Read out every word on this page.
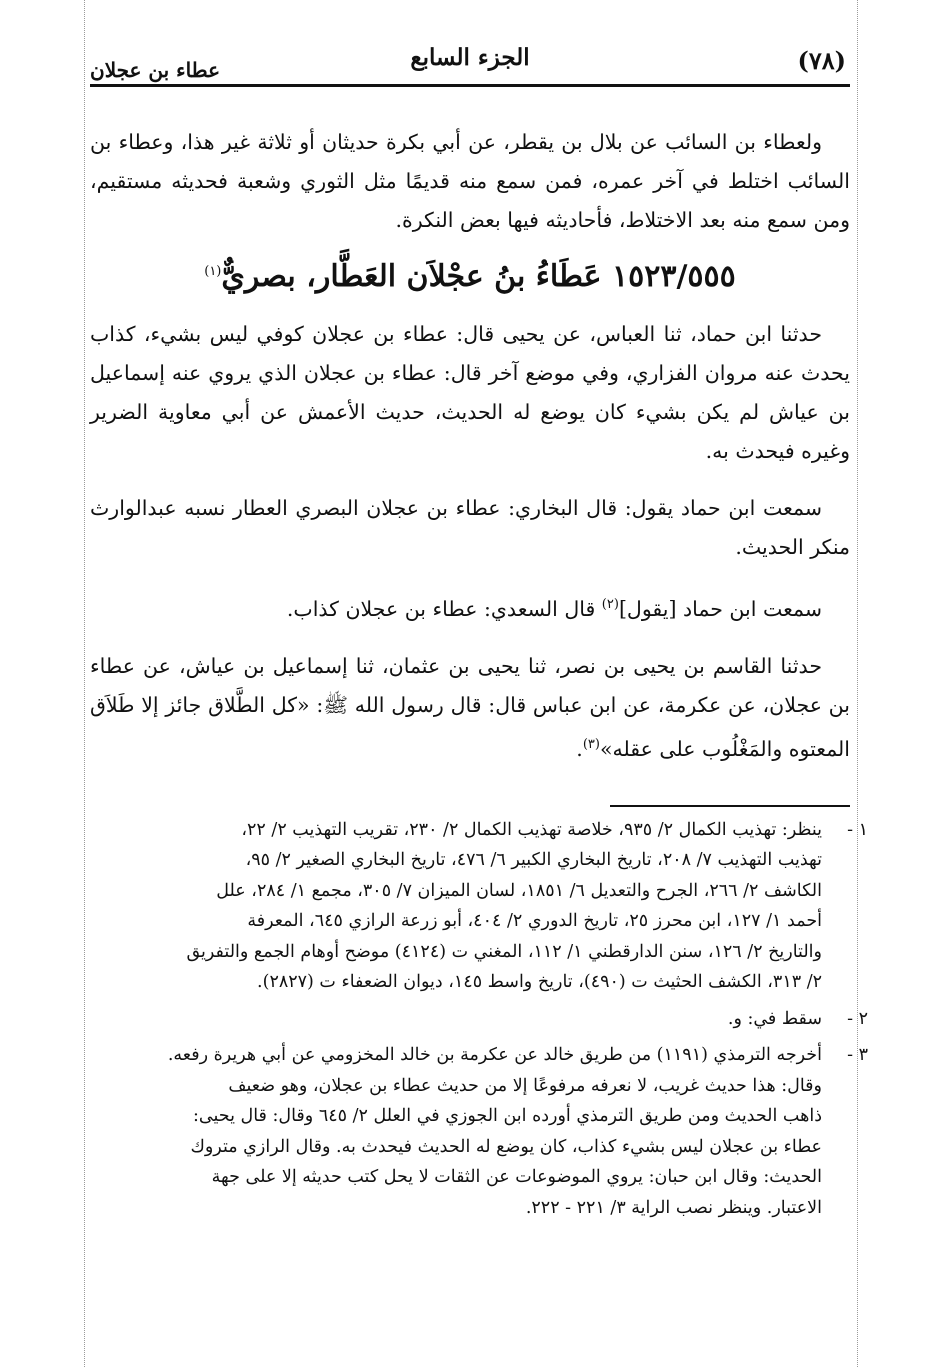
(٧٨)
الجزء السابع
عطاء بن عجلان

ولعطاء بن السائب عن بلال بن يقطر، عن أبي بكرة حديثان أو ثلاثة غير هذا، وعطاء بن السائب اختلط في آخر عمره، فمن سمع منه قديمًا مثل الثوري وشعبة فحديثه مستقيم، ومن سمع منه بعد الاختلاط، فأحاديثه فيها بعض النكرة.

١٥٢٣/٥٥٥ عَطَاءُ بنُ عجْلاَن العَطَّار، بصريٌّ$^{(١)}$

حدثنا ابن حماد، ثنا العباس، عن يحيى قال: عطاء بن عجلان كوفي ليس بشيء، كذاب يحدث عنه مروان الفزاري، وفي موضع آخر قال: عطاء بن عجلان الذي يروي عنه إسماعيل بن عياش لم يكن بشيء كان يوضع له الحديث، حديث الأعمش عن أبي معاوية الضرير وغيره فيحدث به.

سمعت ابن حماد يقول: قال البخاري: عطاء بن عجلان البصري العطار نسبه عبدالوارث منكر الحديث.

سمعت ابن حماد [يقول]$^{(٢)}$ قال السعدي: عطاء بن عجلان كذاب.

حدثنا القاسم بن يحيى بن نصر، ثنا يحيى بن عثمان، ثنا إسماعيل بن عياش، عن عطاء بن عجلان، عن عكرمة، عن ابن عباس قال: قال رسول الله ﷺ: «كل الطَّلاق جائز إلا طَلاَق المعتوه والمَغْلُوب على عقله»$^{(٣)}$.

١ -
ينظر: تهذيب الكمال ٢/ ٩٣٥، خلاصة تهذيب الكمال ٢/ ٢٣٠، تقريب التهذيب ٢/ ٢٢،
تهذيب التهذيب ٧/ ٢٠٨، تاريخ البخاري الكبير ٦/ ٤٧٦، تاريخ البخاري الصغير ٢/ ٩٥،
الكاشف ٢/ ٢٦٦، الجرح والتعديل ٦/ ١٨٥١، لسان الميزان ٧/ ٣٠٥، مجمع ١/ ٢٨٤، علل
أحمد ١/ ١٢٧، ابن محرز ٢٥، تاريخ الدوري ٢/ ٤٠٤، أبو زرعة الرازي ٦٤٥، المعرفة
والتاريخ ٢/ ١٢٦، سنن الدارقطني ١/ ١١٢، المغني ت (٤١٢٤) موضح أوهام الجمع والتفريق
٢/ ٣١٣، الكشف الحثيث ت (٤٩٠)، تاريخ واسط ١٤٥، ديوان الضعفاء ت (٢٨٢٧).
٢ -
سقط في: و.
٣ -
أخرجه الترمذي (١١٩١) من طريق خالد عن عكرمة بن خالد المخزومي عن أبي هريرة رفعه.
وقال: هذا حديث غريب، لا نعرفه مرفوعًا إلا من حديث عطاء بن عجلان، وهو ضعيف
ذاهب الحديث ومن طريق الترمذي أورده ابن الجوزي في العلل ٢/ ٦٤٥ وقال: قال يحيى:
عطاء بن عجلان ليس بشيء كذاب، كان يوضع له الحديث فيحدث به. وقال الرازي متروك
الحديث: وقال ابن حبان: يروي الموضوعات عن الثقات لا يحل كتب حديثه إلا على جهة
الاعتبار. وينظر نصب الراية ٣/ ٢٢١ - ٢٢٢.
